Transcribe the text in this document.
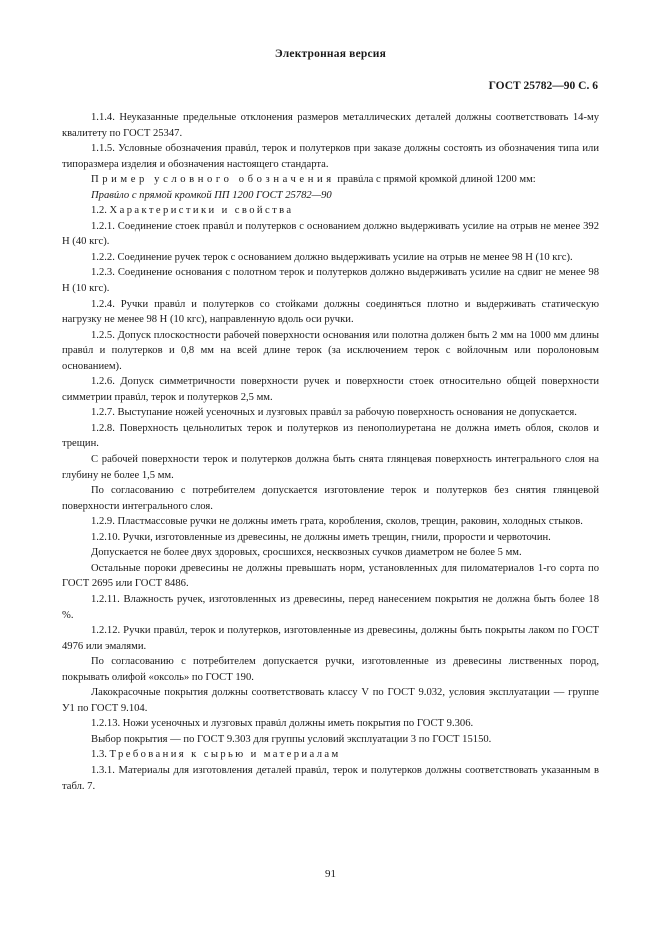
Электронная версия
ГОСТ 25782—90 С. 6

1.1.4. Неуказанные предельные отклонения размеров металлических деталей должны соответствовать 14-му квалитету по ГОСТ 25347.

1.1.5. Условные обозначения правúл, терок и полутерков при заказе должны состоять из обозначения типа или типоразмера изделия и обозначения настоящего стандарта.

Пример условного обозначения правúла с прямой кромкой длиной 1200 мм:

Правúло с прямой кромкой ПП 1200 ГОСТ 25782—90

1.2. Характеристики и свойства

1.2.1. Соединение стоек правúл и полутерков с основанием должно выдерживать усилие на отрыв не менее 392 Н (40 кгс).

1.2.2. Соединение ручек терок с основанием должно выдерживать усилие на отрыв не менее 98 Н (10 кгс).

1.2.3. Соединение основания с полотном терок и полутерков должно выдерживать усилие на сдвиг не менее 98 Н (10 кгс).

1.2.4. Ручки правúл и полутерков со стойками должны соединяться плотно и выдерживать статическую нагрузку не менее 98 Н (10 кгс), направленную вдоль оси ручки.

1.2.5. Допуск плоскостности рабочей поверхности основания или полотна должен быть 2 мм на 1000 мм длины правúл и полутерков и 0,8 мм на всей длине терок (за исключением терок с войлочным или поролоновым основанием).

1.2.6. Допуск симметричности поверхности ручек и поверхности стоек относительно общей поверхности симметрии правúл, терок и полутерков 2,5 мм.

1.2.7. Выступание ножей усеночных и лузговых правúл за рабочую поверхность основания не допускается.

1.2.8. Поверхность цельнолитых терок и полутерков из пенополиуретана не должна иметь облоя, сколов и трещин.

С рабочей поверхности терок и полутерков должна быть снята глянцевая поверхность интегрального слоя на глубину не более 1,5 мм.

По согласованию с потребителем допускается изготовление терок и полутерков без снятия глянцевой поверхности интегрального слоя.

1.2.9. Пластмассовые ручки не должны иметь грата, коробления, сколов, трещин, раковин, холодных стыков.

1.2.10. Ручки, изготовленные из древесины, не должны иметь трещин, гнили, прорости и червоточин.

Допускается не более двух здоровых, сросшихся, несквозных сучков диаметром не более 5 мм.

Остальные пороки древесины не должны превышать норм, установленных для пиломатериалов 1-го сорта по ГОСТ 2695 или ГОСТ 8486.

1.2.11. Влажность ручек, изготовленных из древесины, перед нанесением покрытия не должна быть более 18 %.

1.2.12. Ручки правúл, терок и полутерков, изготовленные из древесины, должны быть покрыты лаком по ГОСТ 4976 или эмалями.

По согласованию с потребителем допускается ручки, изготовленные из древесины лиственных пород, покрывать олифой «оксоль» по ГОСТ 190.

Лакокрасочные покрытия должны соответствовать классу V по ГОСТ 9.032, условия эксплуатации — группе У1 по ГОСТ 9.104.

1.2.13. Ножи усеночных и лузговых правúл должны иметь покрытия по ГОСТ 9.306.

Выбор покрытия — по ГОСТ 9.303 для группы условий эксплуатации 3 по ГОСТ 15150.

1.3. Требования к сырью и материалам

1.3.1. Материалы для изготовления деталей правúл, терок и полутерков должны соответствовать указанным в табл. 7.

91
